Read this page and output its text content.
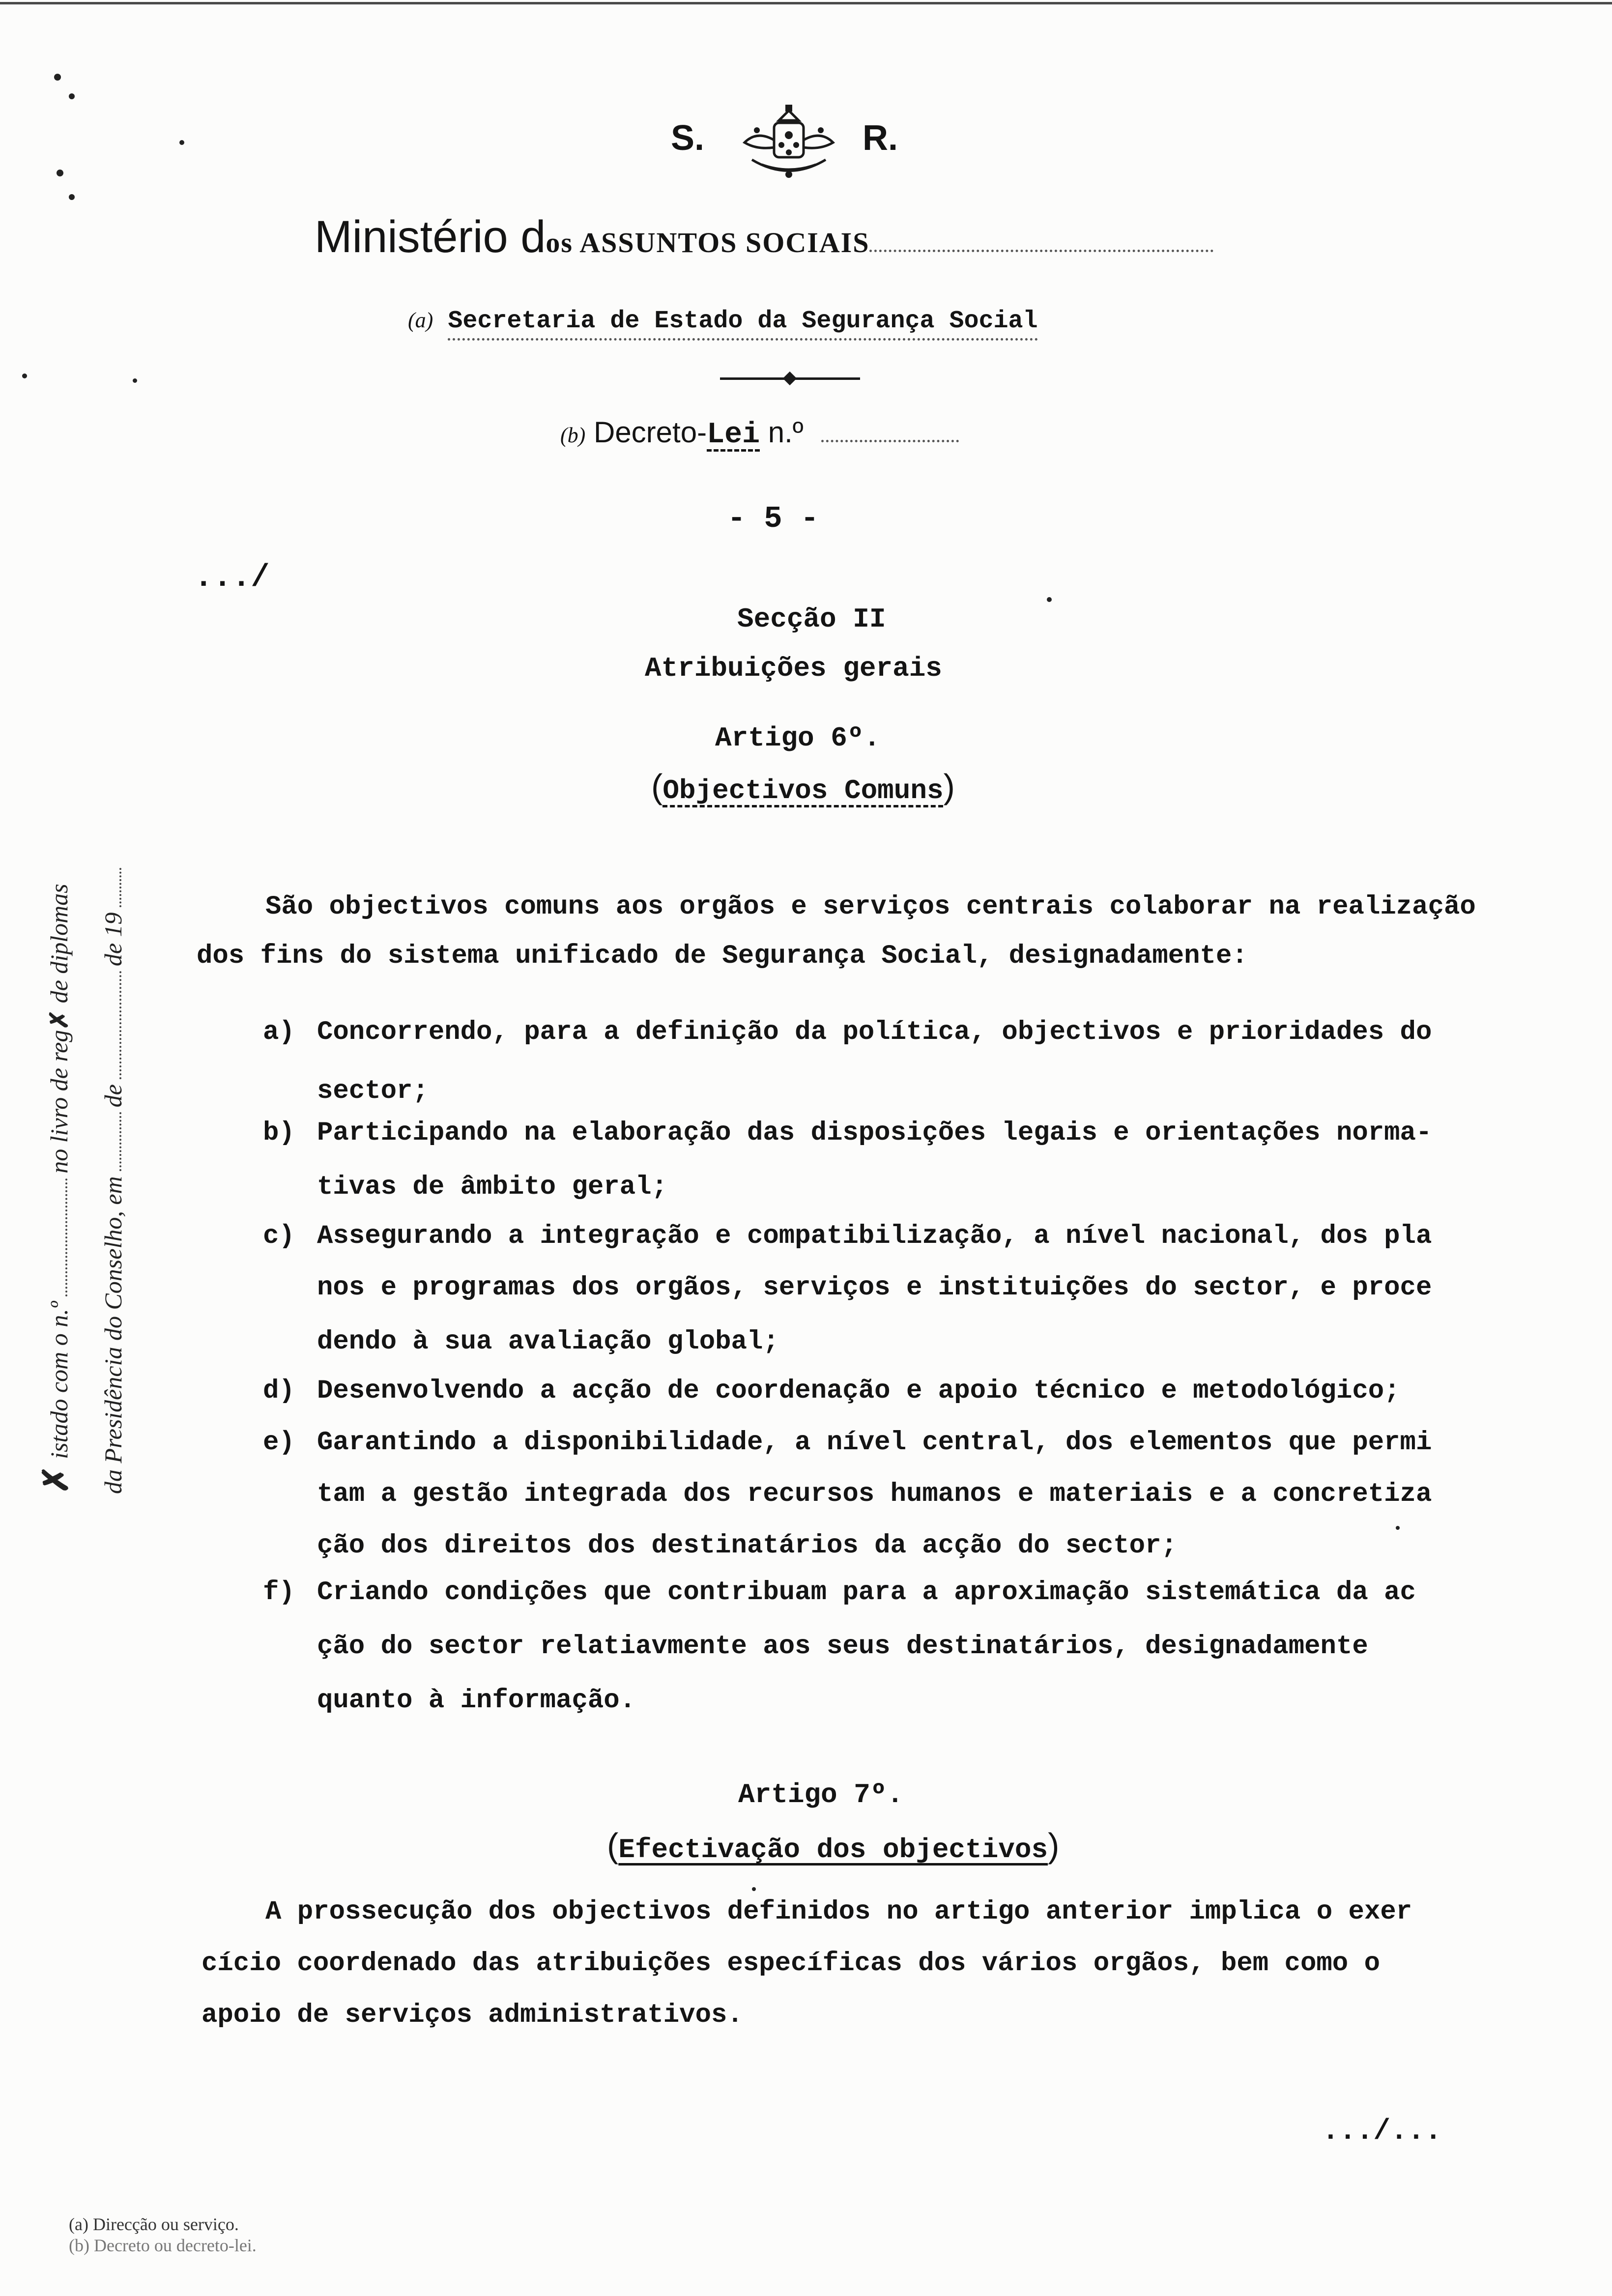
S.	R.
Ministério dos ASSUNTOS SOCIAIS
(a) Secretaria de Estado da Segurança Social
(b) Decreto-Lei n.º
- 5 -
.../
✗ istado com o n.ºno livro de reg✗ de diplomas
da Presidência do Conselho, emdede 19
Secção II
Atribuições gerais
Artigo 6º.
(Objectivos Comuns)
São objectivos comuns aos orgãos e serviços centrais colaborar na realização
dos fins do sistema unificado de Segurança Social, designadamente:
a) Concorrendo, para a definição da política, objectivos e prioridades do
sector;
b) Participando na elaboração das disposições legais e orientações norma-
tivas de âmbito geral;
c) Assegurando a integração e compatibilização, a nível nacional, dos pla
nos e programas dos orgãos, serviços e instituições do sector, e proce
dendo à sua avaliação global;
d) Desenvolvendo a acção de coordenação e apoio técnico e metodológico;
e) Garantindo a disponibilidade, a nível central, dos elementos que permi
tam a gestão integrada dos recursos humanos e materiais e a concretiza
ção dos direitos dos destinatários da acção do sector;
f) Criando condições que contribuam para a aproximação sistemática da ac
ção do sector relatiavmente aos seus destinatários, designadamente
quanto à informação.
Artigo 7º.
(Efectivação dos objectivos)
A prossecução dos objectivos definidos no artigo anterior implica o exer
cício coordenado das atribuições específicas dos vários orgãos, bem como o
apoio de serviços administrativos.
.../...
(a) Direcção ou serviço.
(b) Decreto ou decreto-lei.
